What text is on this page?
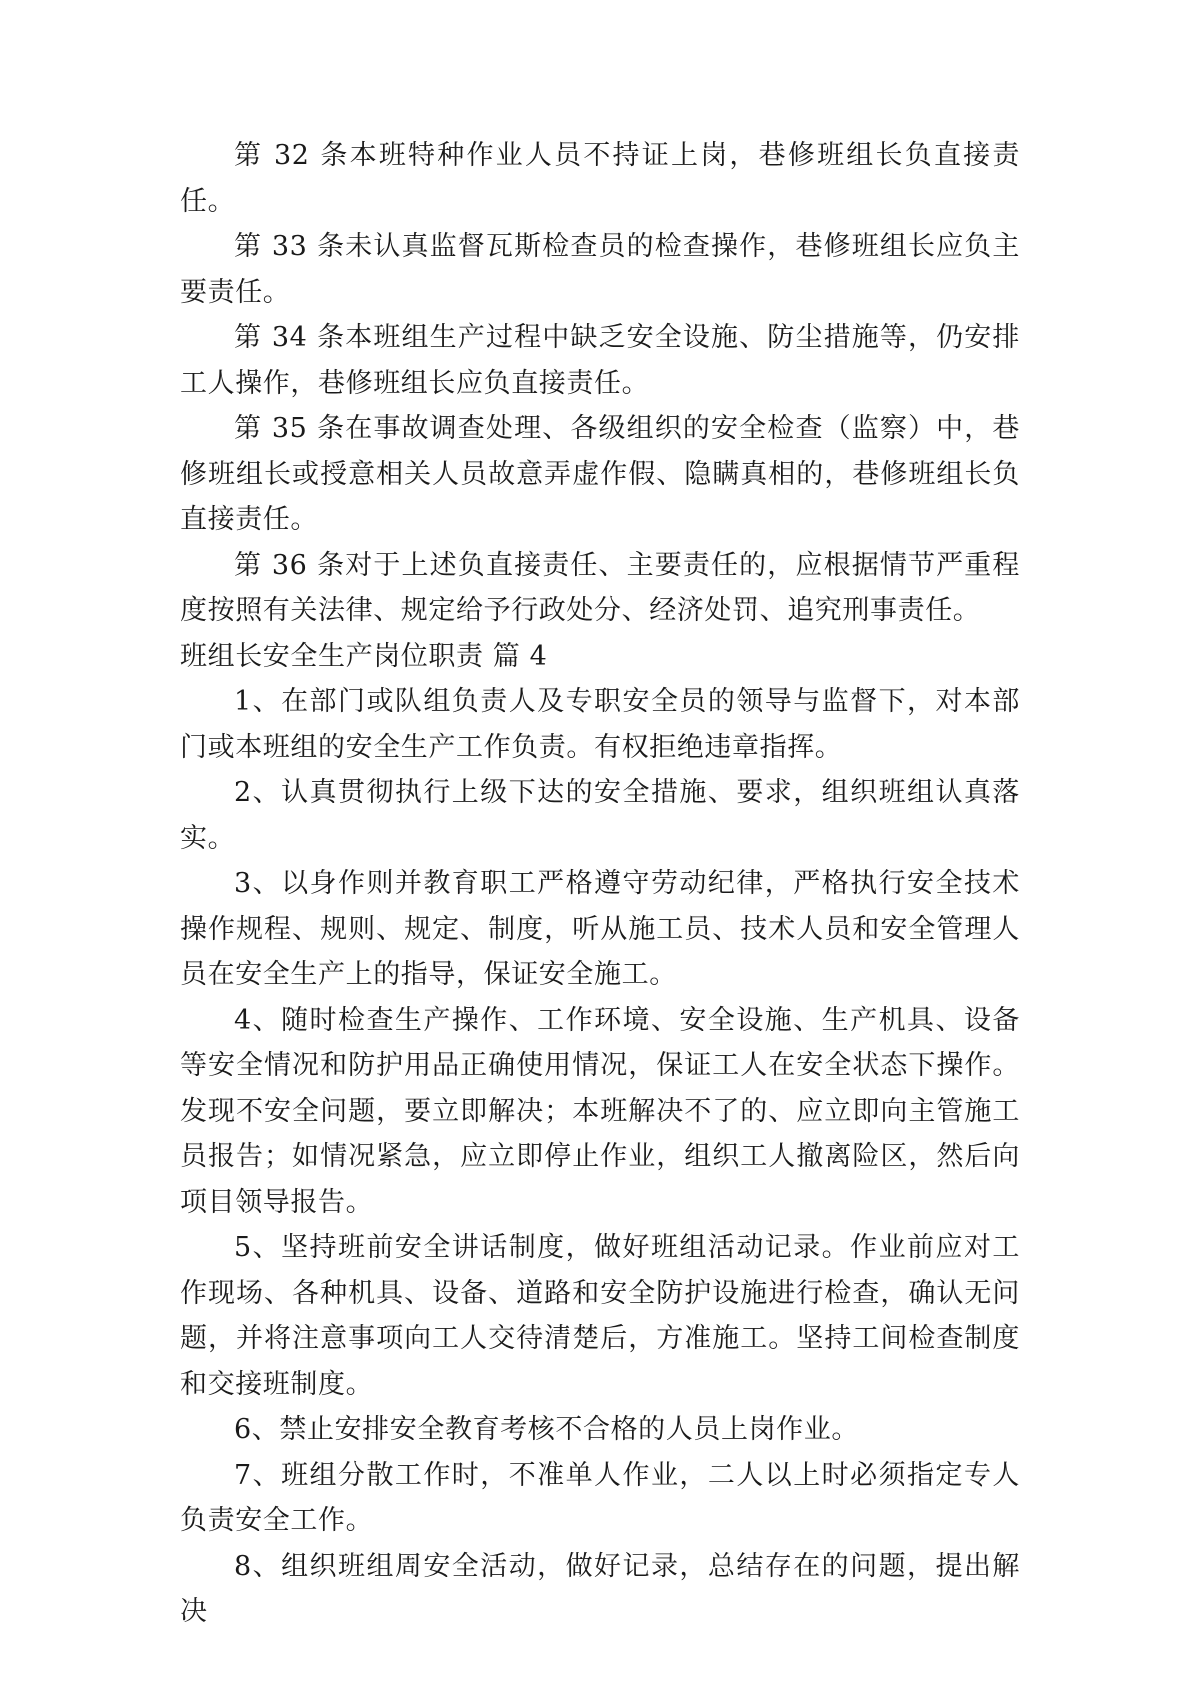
第 32 条本班特种作业人员不持证上岗，巷修班组长负直接责任。

第 33 条未认真监督瓦斯检查员的检查操作，巷修班组长应负主要责任。

第 34 条本班组生产过程中缺乏安全设施、防尘措施等，仍安排工人操作，巷修班组长应负直接责任。

第 35 条在事故调查处理、各级组织的安全检查（监察）中，巷修班组长或授意相关人员故意弄虚作假、隐瞒真相的，巷修班组长负直接责任。

第 36 条对于上述负直接责任、主要责任的，应根据情节严重程度按照有关法律、规定给予行政处分、经济处罚、追究刑事责任。

班组长安全生产岗位职责 篇 4

1、在部门或队组负责人及专职安全员的领导与监督下，对本部门或本班组的安全生产工作负责。有权拒绝违章指挥。

2、认真贯彻执行上级下达的安全措施、要求，组织班组认真落实。

3、以身作则并教育职工严格遵守劳动纪律，严格执行安全技术操作规程、规则、规定、制度，听从施工员、技术人员和安全管理人员在安全生产上的指导，保证安全施工。

4、随时检查生产操作、工作环境、安全设施、生产机具、设备等安全情况和防护用品正确使用情况，保证工人在安全状态下操作。发现不安全问题，要立即解决；本班解决不了的、应立即向主管施工员报告；如情况紧急，应立即停止作业，组织工人撤离险区，然后向项目领导报告。

5、坚持班前安全讲话制度，做好班组活动记录。作业前应对工作现场、各种机具、设备、道路和安全防护设施进行检查，确认无问题，并将注意事项向工人交待清楚后，方准施工。坚持工间检查制度和交接班制度。

6、禁止安排安全教育考核不合格的人员上岗作业。

7、班组分散工作时，不准单人作业，二人以上时必须指定专人负责安全工作。

8、组织班组周安全活动，做好记录，总结存在的问题，提出解决
